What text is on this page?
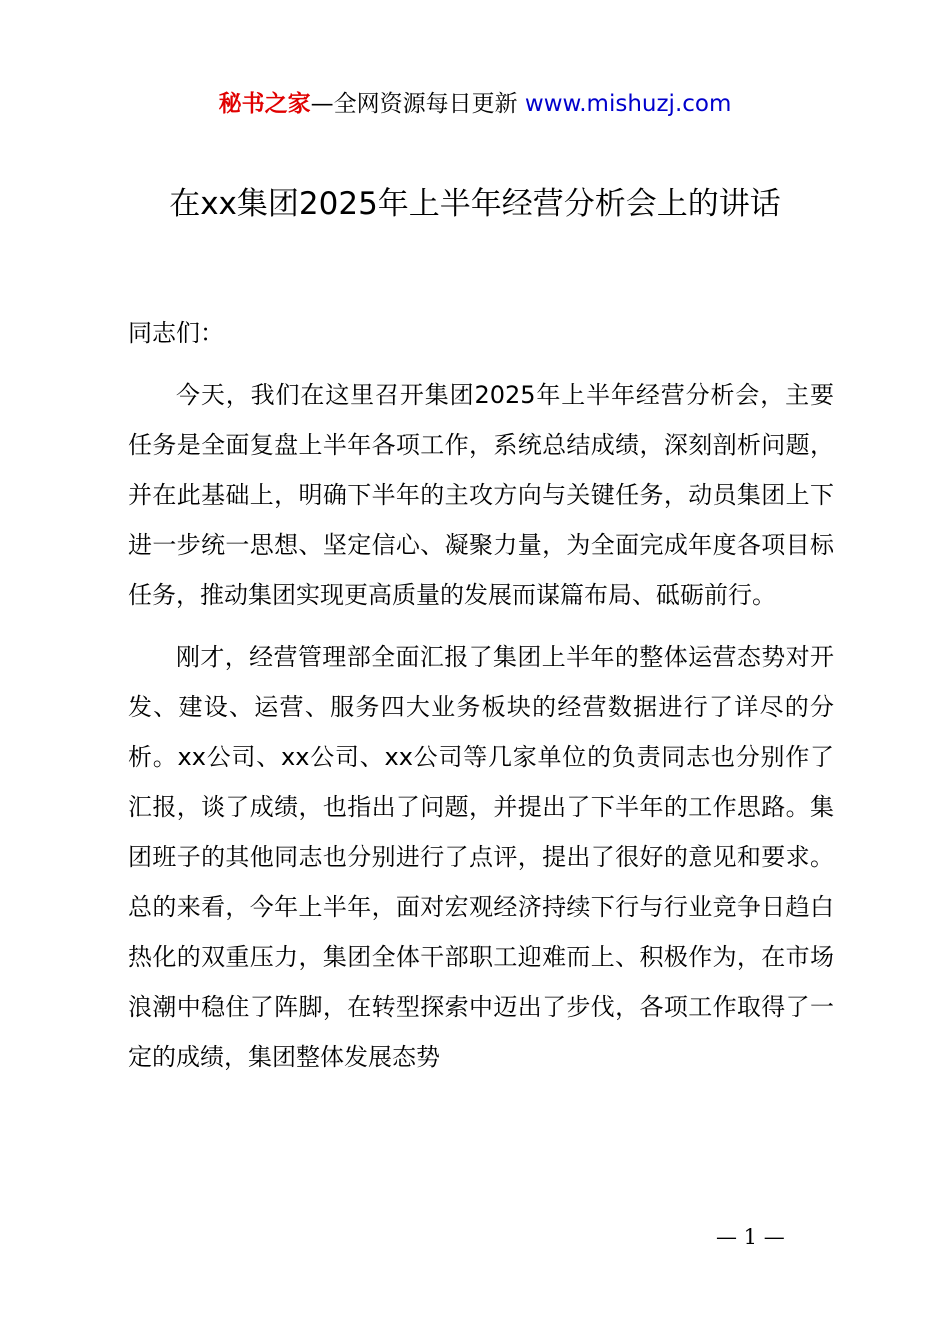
秘书之家—全网资源每日更新 www.mishuzj.com
在xx集团2025年上半年经营分析会上的讲话

同志们：

今天，我们在这里召开集团2025年上半年经营分析会，主要任务是全面复盘上半年各项工作，系统总结成绩，深刻剖析问题，并在此基础上，明确下半年的主攻方向与关键任务，动员集团上下进一步统一思想、坚定信心、凝聚力量，为全面完成年度各项目标任务，推动集团实现更高质量的发展而谋篇布局、砥砺前行。

刚才，经营管理部全面汇报了集团上半年的整体运营态势对开发、建设、运营、服务四大业务板块的经营数据进行了详尽的分析。xx公司、xx公司、xx公司等几家单位的负责同志也分别作了汇报，谈了成绩，也指出了问题，并提出了下半年的工作思路。集团班子的其他同志也分别进行了点评，提出了很好的意见和要求。总的来看，今年上半年，面对宏观经济持续下行与行业竞争日趋白热化的双重压力，集团全体干部职工迎难而上、积极作为，在市场浪潮中稳住了阵脚，在转型探索中迈出了步伐，各项工作取得了一定的成绩，集团整体发展态势

— 1 —
